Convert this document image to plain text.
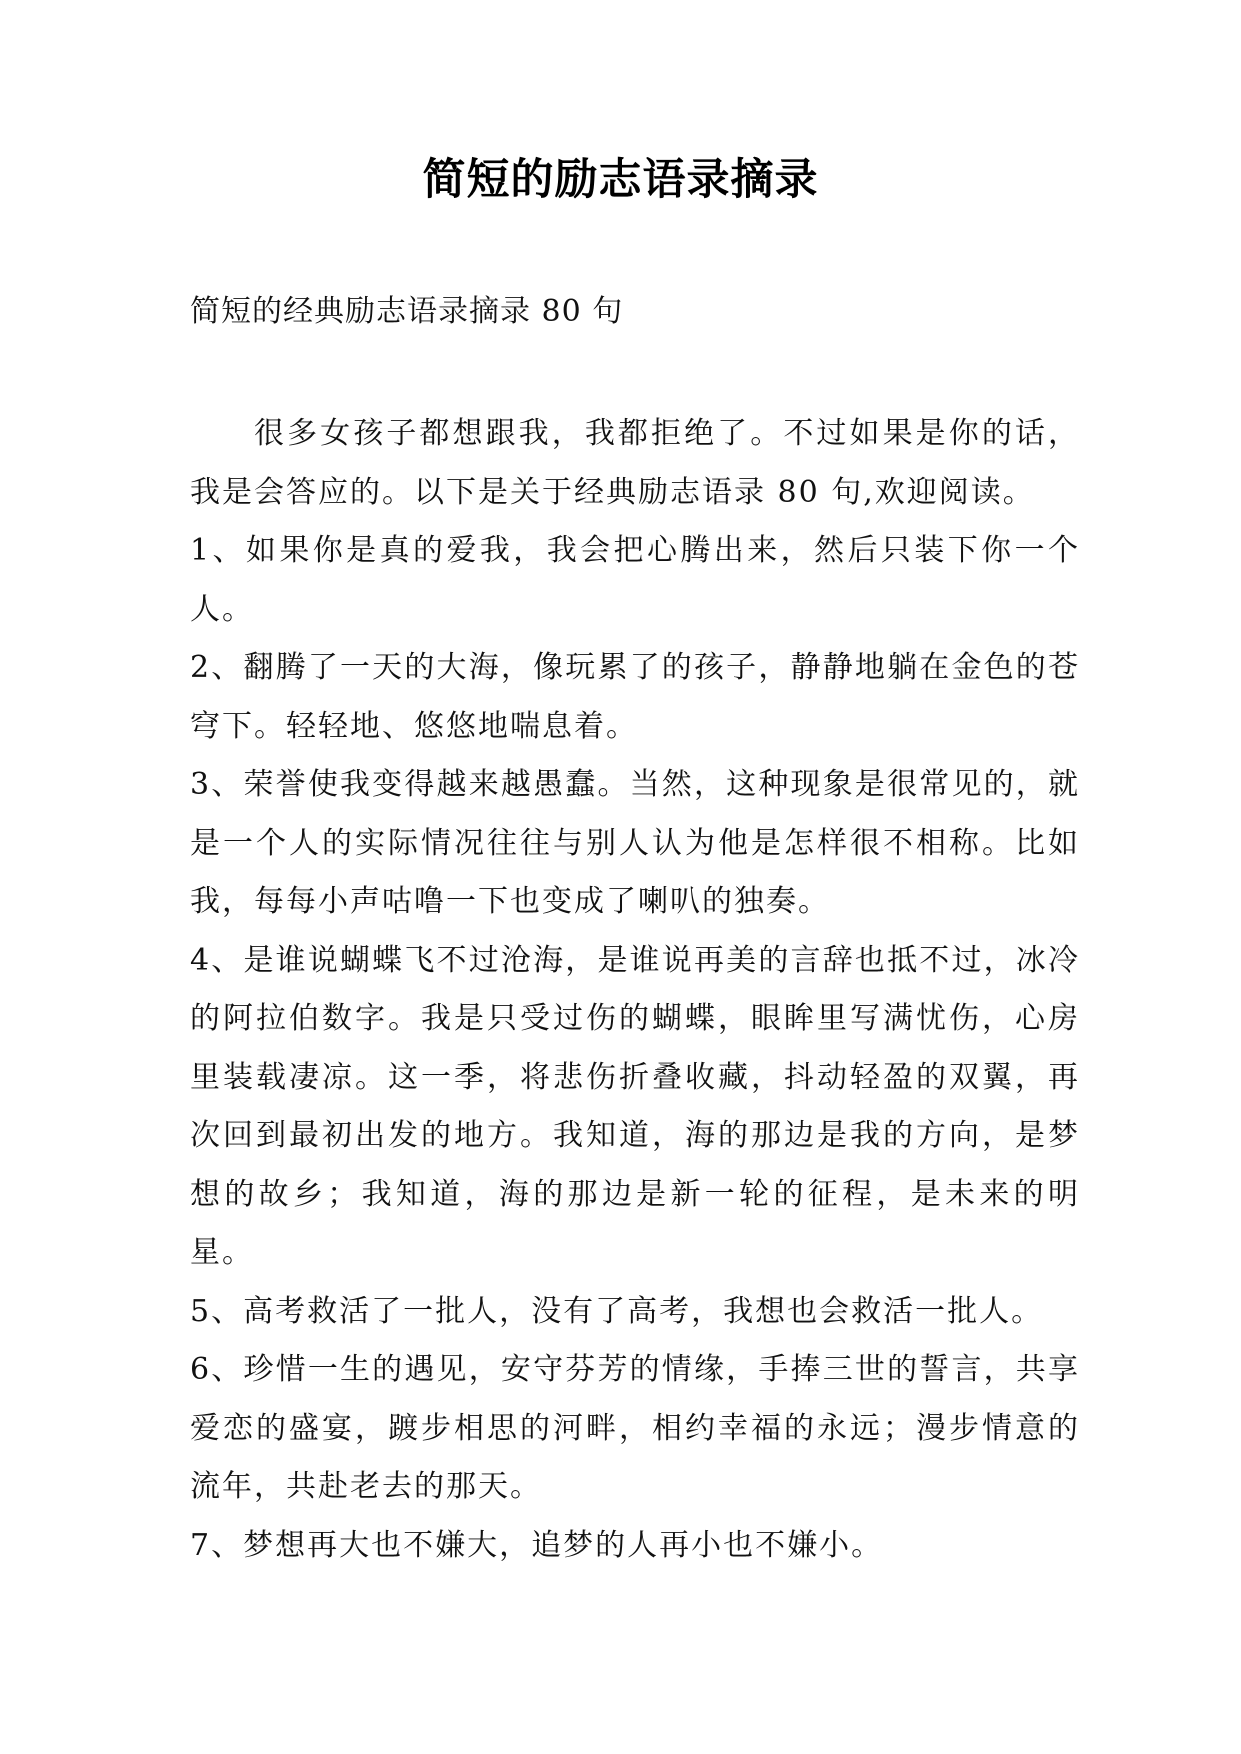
简短的励志语录摘录
简短的经典励志语录摘录 80 句

很多女孩子都想跟我，我都拒绝了。不过如果是你的话，我是会答应的。以下是关于经典励志语录 80 句,欢迎阅读。

1、如果你是真的爱我，我会把心腾出来，然后只装下你一个人。

2、翻腾了一天的大海，像玩累了的孩子，静静地躺在金色的苍穹下。轻轻地、悠悠地喘息着。

3、荣誉使我变得越来越愚蠢。当然，这种现象是很常见的，就是一个人的实际情况往往与别人认为他是怎样很不相称。比如我，每每小声咕噜一下也变成了喇叭的独奏。

4、是谁说蝴蝶飞不过沧海，是谁说再美的言辞也抵不过，冰冷的阿拉伯数字。我是只受过伤的蝴蝶，眼眸里写满忧伤，心房里装载凄凉。这一季，将悲伤折叠收藏，抖动轻盈的双翼，再次回到最初出发的地方。我知道，海的那边是我的方向，是梦想的故乡；我知道，海的那边是新一轮的征程，是未来的明星。

5、高考救活了一批人，没有了高考，我想也会救活一批人。

6、珍惜一生的遇见，安守芬芳的情缘，手捧三世的誓言，共享爱恋的盛宴，踱步相思的河畔，相约幸福的永远；漫步情意的流年，共赴老去的那天。

7、梦想再大也不嫌大，追梦的人再小也不嫌小。
